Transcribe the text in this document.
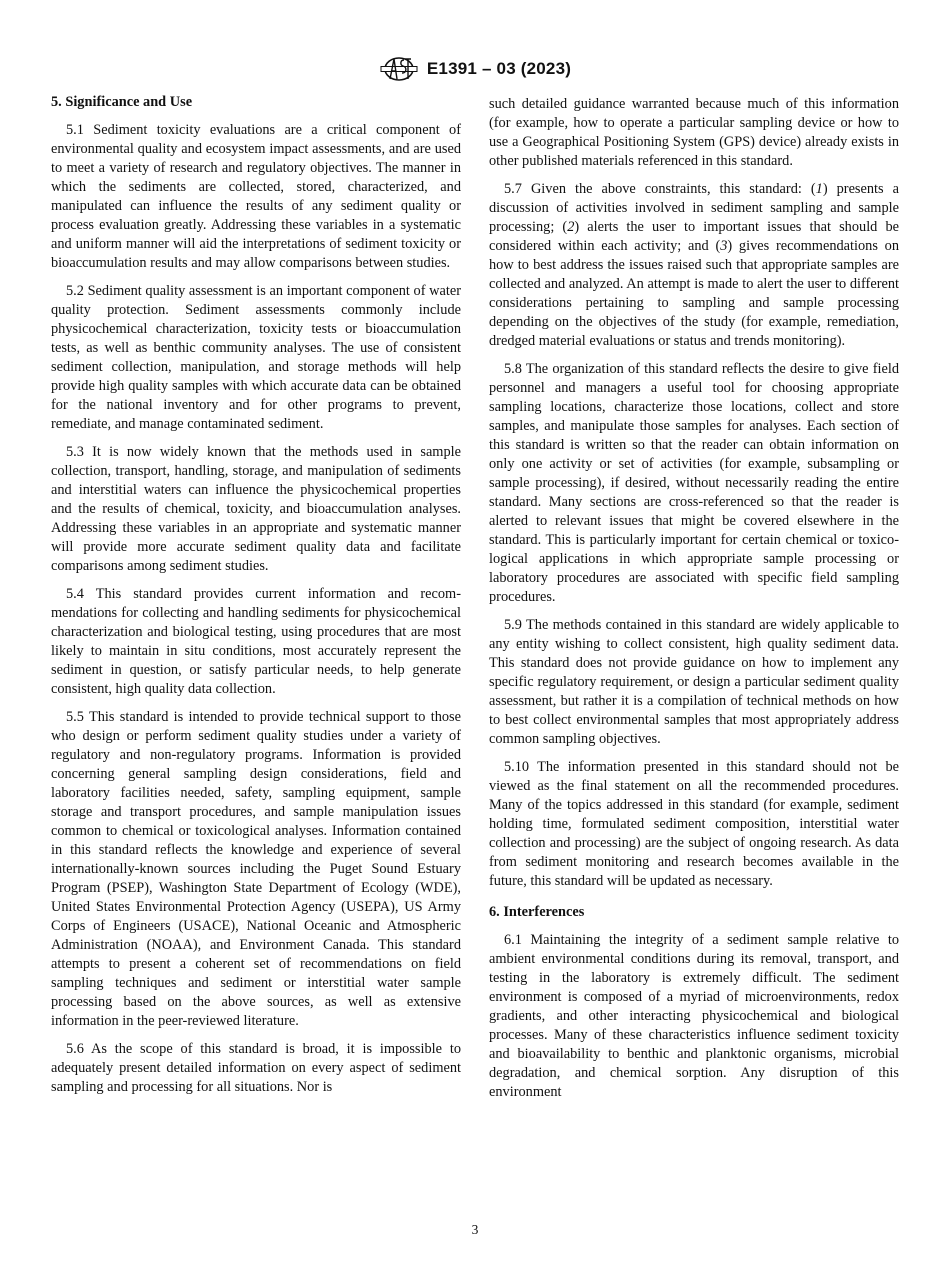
E1391 – 03 (2023)

5. Significance and Use

5.1 Sediment toxicity evaluations are a critical component of environmental quality and ecosystem impact assessments, and are used to meet a variety of research and regulatory objectives. The manner in which the sediments are collected, stored, characterized, and manipulated can influence the results of any sediment quality or process evaluation greatly. Addressing these variables in a systematic and uniform manner will aid the interpretations of sediment toxicity or bioaccumulation results and may allow comparisons between studies.

5.2 Sediment quality assessment is an important component of water quality protection. Sediment assessments commonly include physicochemical characterization, toxicity tests or bioaccumulation tests, as well as benthic community analyses. The use of consistent sediment collection, manipulation, and storage methods will help provide high quality samples with which accurate data can be obtained for the national inventory and for other programs to prevent, remediate, and manage contaminated sediment.

5.3 It is now widely known that the methods used in sample collection, transport, handling, storage, and manipulation of sediments and interstitial waters can influence the physicochemical properties and the results of chemical, toxicity, and bioaccumulation analyses. Addressing these variables in an appropriate and systematic manner will provide more accurate sediment quality data and facilitate comparisons among sediment studies.

5.4 This standard provides current information and recommendations for collecting and handling sediments for physicochemical characterization and biological testing, using procedures that are most likely to maintain in situ conditions, most accurately represent the sediment in question, or satisfy particular needs, to help generate consistent, high quality data collection.

5.5 This standard is intended to provide technical support to those who design or perform sediment quality studies under a variety of regulatory and non-regulatory programs. Information is provided concerning general sampling design considerations, field and laboratory facilities needed, safety, sampling equipment, sample storage and transport procedures, and sample manipulation issues common to chemical or toxicological analyses. Information contained in this standard reflects the knowledge and experience of several internationally-known sources including the Puget Sound Estuary Program (PSEP), Washington State Department of Ecology (WDE), United States Environmental Protection Agency (USEPA), US Army Corps of Engineers (USACE), National Oceanic and Atmospheric Administration (NOAA), and Environment Canada. This standard attempts to present a coherent set of recommendations on field sampling techniques and sediment or interstitial water sample processing based on the above sources, as well as extensive information in the peer-reviewed literature.

5.6 As the scope of this standard is broad, it is impossible to adequately present detailed information on every aspect of sediment sampling and processing for all situations. Nor is

such detailed guidance warranted because much of this information (for example, how to operate a particular sampling device or how to use a Geographical Positioning System (GPS) device) already exists in other published materials referenced in this standard.

5.7 Given the above constraints, this standard: (1) presents a discussion of activities involved in sediment sampling and sample processing; (2) alerts the user to important issues that should be considered within each activity; and (3) gives recommendations on how to best address the issues raised such that appropriate samples are collected and analyzed. An attempt is made to alert the user to different considerations pertaining to sampling and sample processing depending on the objectives of the study (for example, remediation, dredged material evaluations or status and trends monitoring).

5.8 The organization of this standard reflects the desire to give field personnel and managers a useful tool for choosing appropriate sampling locations, characterize those locations, collect and store samples, and manipulate those samples for analyses. Each section of this standard is written so that the reader can obtain information on only one activity or set of activities (for example, subsampling or sample processing), if desired, without necessarily reading the entire standard. Many sections are cross-referenced so that the reader is alerted to relevant issues that might be covered elsewhere in the standard. This is particularly important for certain chemical or toxicological applications in which appropriate sample processing or laboratory procedures are associated with specific field sampling procedures.

5.9 The methods contained in this standard are widely applicable to any entity wishing to collect consistent, high quality sediment data. This standard does not provide guidance on how to implement any specific regulatory requirement, or design a particular sediment quality assessment, but rather it is a compilation of technical methods on how to best collect environmental samples that most appropriately address common sampling objectives.

5.10 The information presented in this standard should not be viewed as the final statement on all the recommended procedures. Many of the topics addressed in this standard (for example, sediment holding time, formulated sediment composition, interstitial water collection and processing) are the subject of ongoing research. As data from sediment monitoring and research becomes available in the future, this standard will be updated as necessary.

6. Interferences

6.1 Maintaining the integrity of a sediment sample relative to ambient environmental conditions during its removal, transport, and testing in the laboratory is extremely difficult. The sediment environment is composed of a myriad of microenvironments, redox gradients, and other interacting physicochemical and biological processes. Many of these characteristics influence sediment toxicity and bioavailability to benthic and planktonic organisms, microbial degradation, and chemical sorption. Any disruption of this environment

3
